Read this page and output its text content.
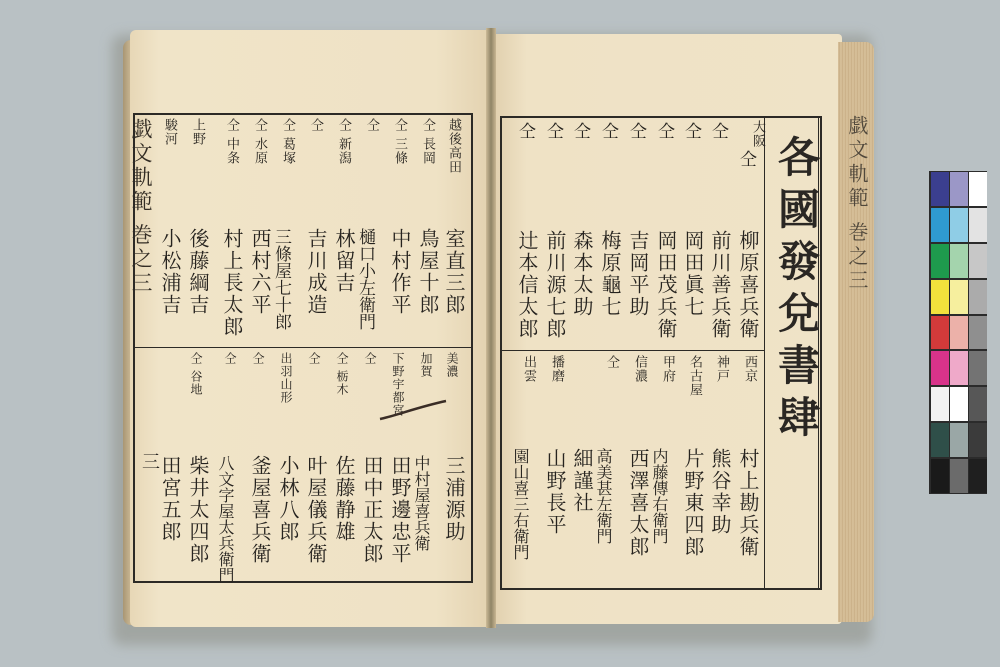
戯文軌範 巻之三
戯文軌範 巻之三
三
各國發兌書肆
大阪
仝
柳原喜兵衛
仝
前川善兵衛
仝
岡田眞七
仝
岡田茂兵衛
仝
吉岡平助
仝
梅原龜七
仝
森本太助
仝
前川源七郎
仝
辻本信太郎
西京
村上勘兵衛
神戸
熊谷幸助
名古屋
片野東四郎
甲府
内藤傳右衛門
信濃
西澤喜太郎
仝
高美甚左衛門
細謹社
播磨
山野長平
出雲
園山喜三右衛門
越後高田
室直三郎
仝 長岡
鳥屋十郎
仝 三條
中村作平
仝
樋口小左衛門
仝 新潟
林留吉
仝
吉川成造
仝 葛塚
三條屋七十郎
仝 水原
西村六平
仝 中条
村上長太郎
上野
後藤綱吉
駿河
小松浦吉
美濃
三浦源助
加賀
中村屋喜兵衛
下野宇都宮
田野邊忠平
仝
田中正太郎
仝 栃木
佐藤静雄
仝
叶屋儀兵衛
出羽山形
小林八郎
仝
釜屋喜兵衛
仝
八文字屋太兵衛門
仝 谷地
柴井太四郎
田宮五郎
